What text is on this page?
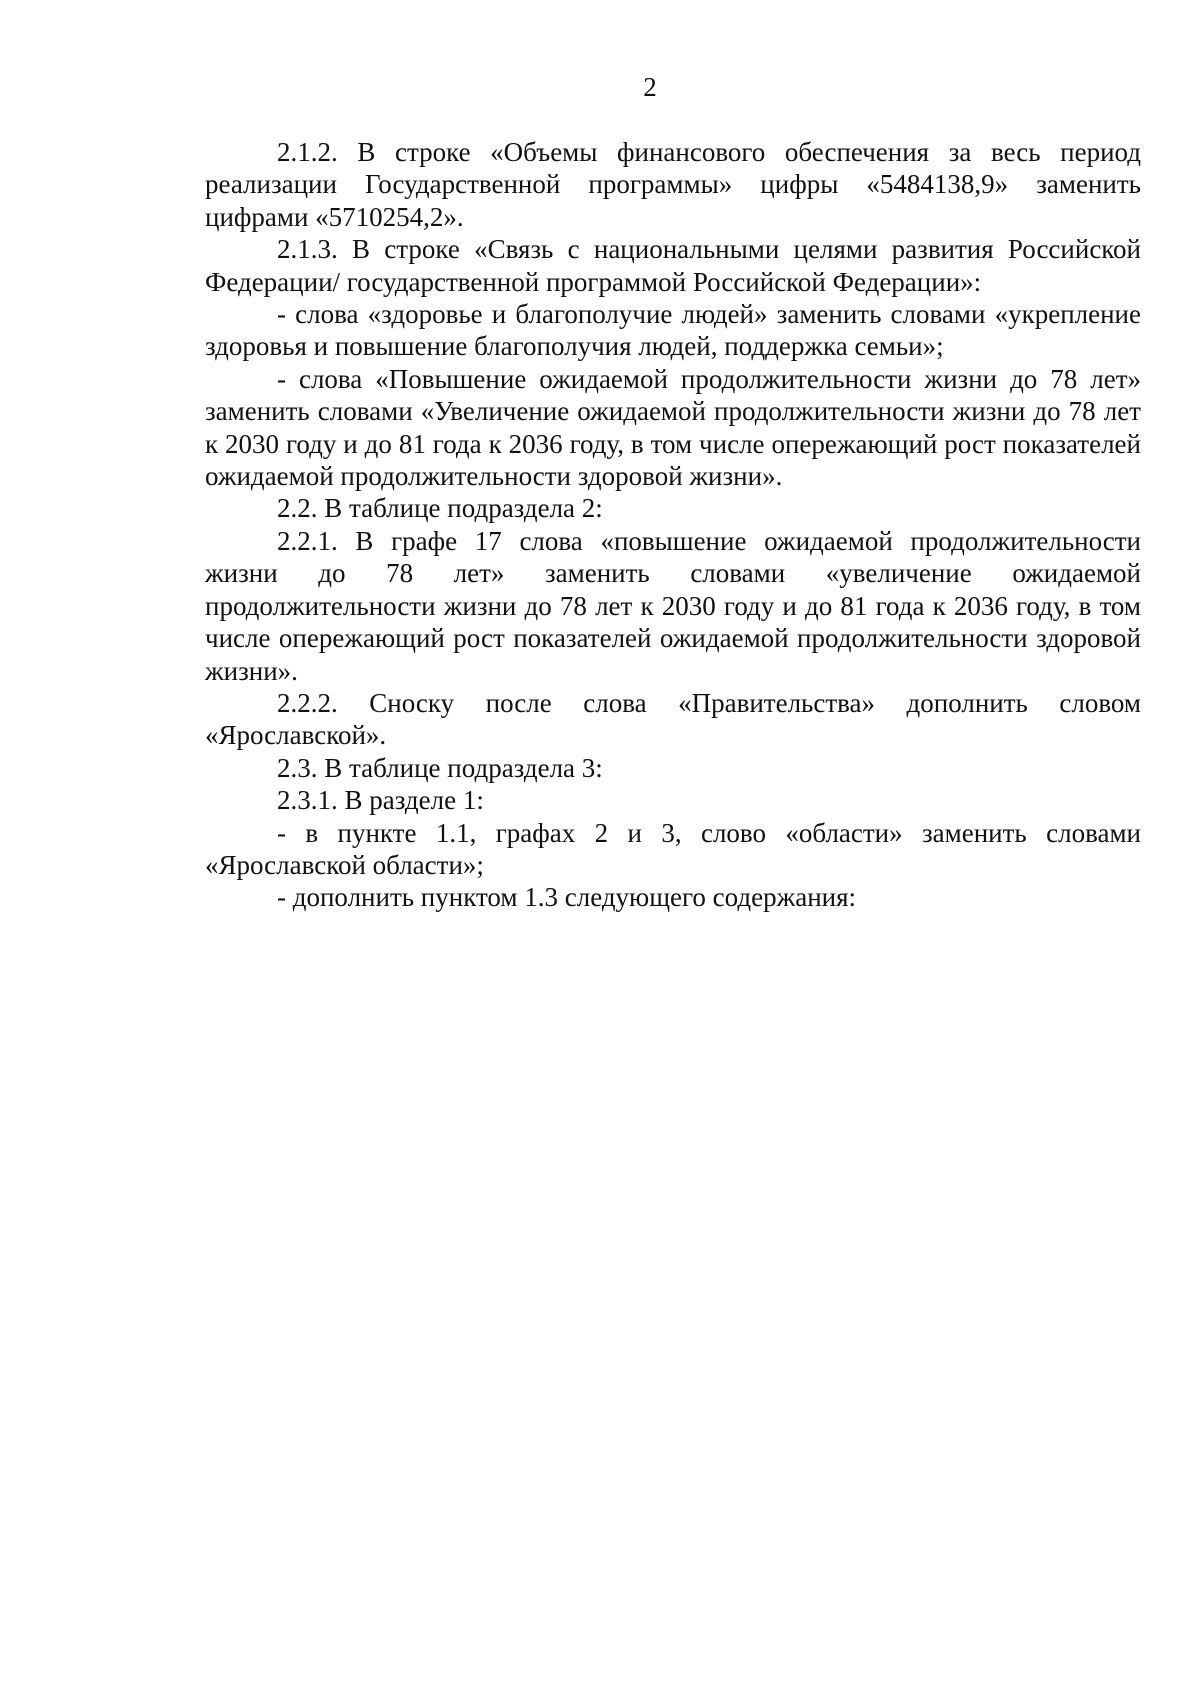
2

2.1.2. В строке «Объемы финансового обеспечения за весь период реализации Государственной программы» цифры «5484138,9» заменить цифрами «5710254,2».

2.1.3. В строке «Связь с национальными целями развития Российской Федерации/ государственной программой Российской Федерации»:

- слова «здоровье и благополучие людей» заменить словами «укрепление здоровья и повышение благополучия людей, поддержка семьи»;

- слова «Повышение ожидаемой продолжительности жизни до 78 лет» заменить словами «Увеличение ожидаемой продолжительности жизни до 78 лет к 2030 году и до 81 года к 2036 году, в том числе опережающий рост показателей ожидаемой продолжительности здоровой жизни».

2.2. В таблице подраздела 2:

2.2.1. В графе 17 слова «повышение ожидаемой продолжительности жизни до 78 лет» заменить словами «увеличение ожидаемой продолжительности жизни до 78 лет к 2030 году и до 81 года к 2036 году, в том числе опережающий рост показателей ожидаемой продолжительности здоровой жизни».

2.2.2. Сноску после слова «Правительства» дополнить словом «Ярославской».

2.3. В таблице подраздела 3:

2.3.1. В разделе 1:

- в пункте 1.1, графах 2 и 3, слово «области» заменить словами «Ярославской области»;

- дополнить пунктом 1.3 следующего содержания:
